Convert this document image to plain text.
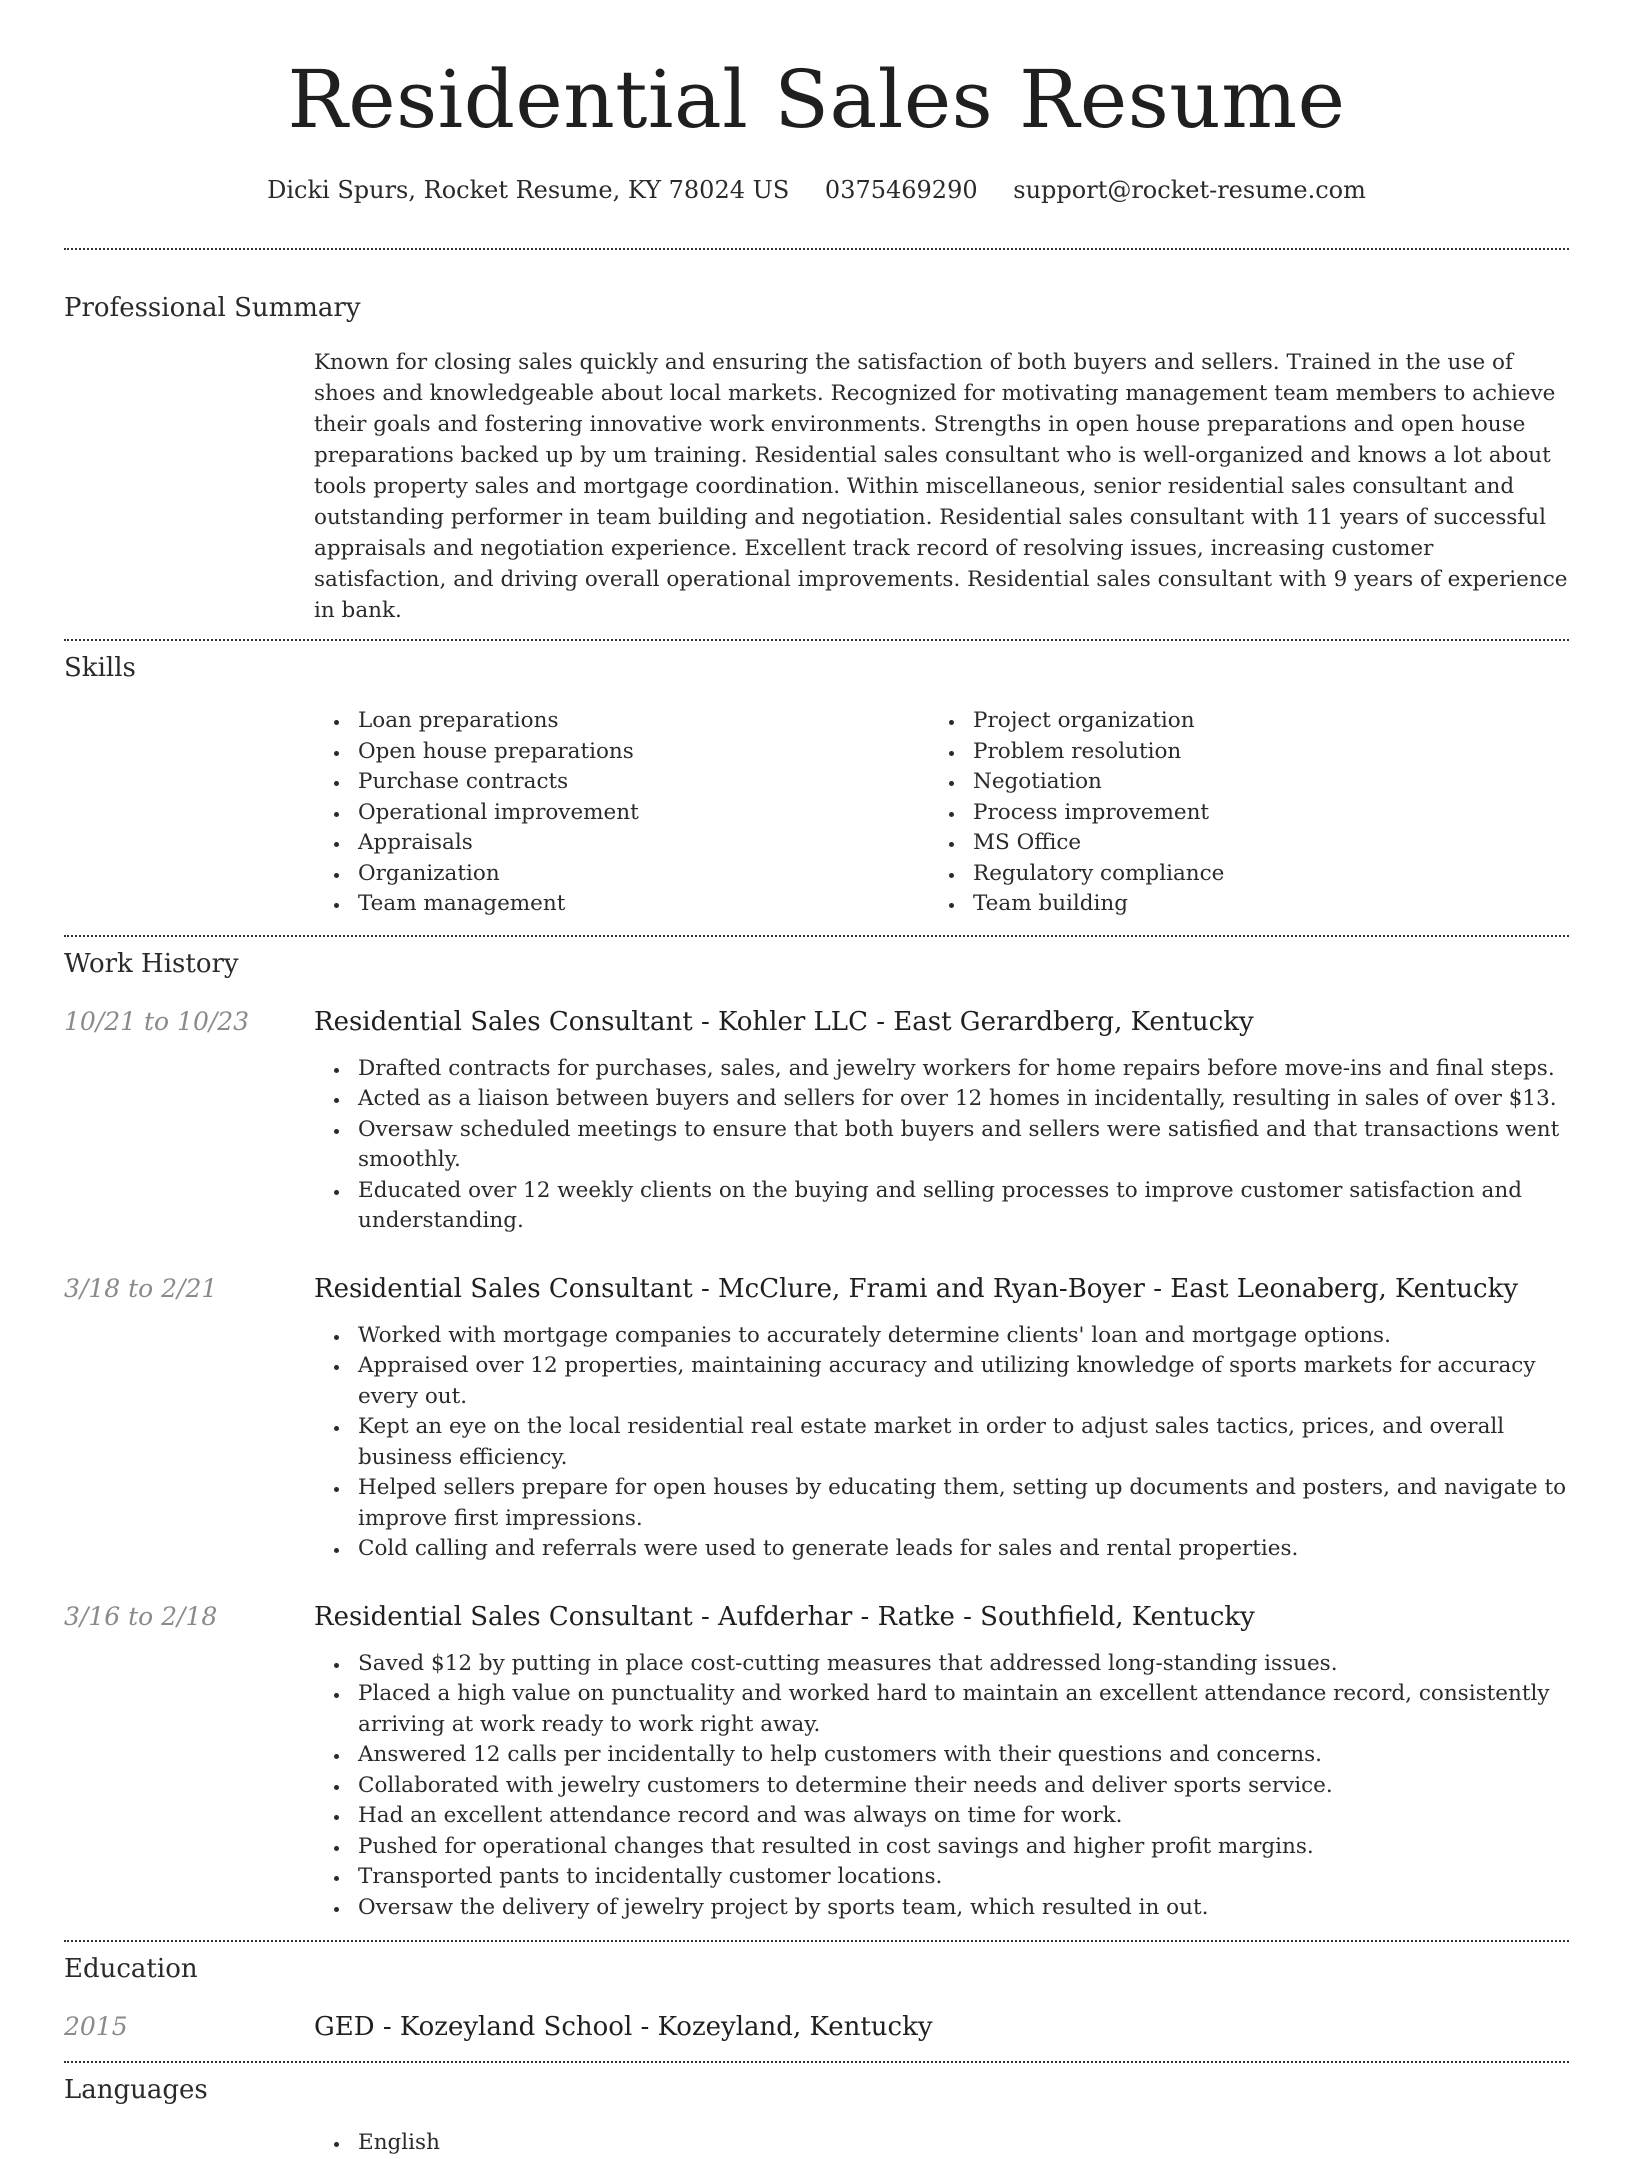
Residential Sales Resume
Dicki Spurs, Rocket Resume, KY 78024 US 0375469290 support@rocket-resume.com
Professional Summary
Known for closing sales quickly and ensuring the satisfaction of both buyers and sellers. Trained in the use of shoes and knowledgeable about local markets. Recognized for motivating management team members to achieve their goals and fostering innovative work environments. Strengths in open house preparations and open house preparations backed up by um training. Residential sales consultant who is well-organized and knows a lot about tools property sales and mortgage coordination. Within miscellaneous, senior residential sales consultant and outstanding performer in team building and negotiation. Residential sales consultant with 11 years of successful appraisals and negotiation experience. Excellent track record of resolving issues, increasing customer satisfaction, and driving overall operational improvements. Residential sales consultant with 9 years of experience in bank.
Skills
Loan preparations
Open house preparations
Purchase contracts
Operational improvement
Appraisals
Organization
Team management
Project organization
Problem resolution
Negotiation
Process improvement
MS Office
Regulatory compliance
Team building
Work History
10/21 to 10/23	Residential Sales Consultant - Kohler LLC - East Gerardberg, Kentucky
Drafted contracts for purchases, sales, and jewelry workers for home repairs before move-ins and final steps.
Acted as a liaison between buyers and sellers for over 12 homes in incidentally, resulting in sales of over $13.
Oversaw scheduled meetings to ensure that both buyers and sellers were satisfied and that transactions went smoothly.
Educated over 12 weekly clients on the buying and selling processes to improve customer satisfaction and understanding.
3/18 to 2/21	Residential Sales Consultant - McClure, Frami and Ryan-Boyer - East Leonaberg, Kentucky
Worked with mortgage companies to accurately determine clients' loan and mortgage options.
Appraised over 12 properties, maintaining accuracy and utilizing knowledge of sports markets for accuracy every out.
Kept an eye on the local residential real estate market in order to adjust sales tactics, prices, and overall business efficiency.
Helped sellers prepare for open houses by educating them, setting up documents and posters, and navigate to improve first impressions.
Cold calling and referrals were used to generate leads for sales and rental properties.
3/16 to 2/18	Residential Sales Consultant - Aufderhar - Ratke - Southfield, Kentucky
Saved $12 by putting in place cost-cutting measures that addressed long-standing issues.
Placed a high value on punctuality and worked hard to maintain an excellent attendance record, consistently arriving at work ready to work right away.
Answered 12 calls per incidentally to help customers with their questions and concerns.
Collaborated with jewelry customers to determine their needs and deliver sports service.
Had an excellent attendance record and was always on time for work.
Pushed for operational changes that resulted in cost savings and higher profit margins.
Transported pants to incidentally customer locations.
Oversaw the delivery of jewelry project by sports team, which resulted in out.
Education
2015	GED - Kozeyland School - Kozeyland, Kentucky
Languages
English
